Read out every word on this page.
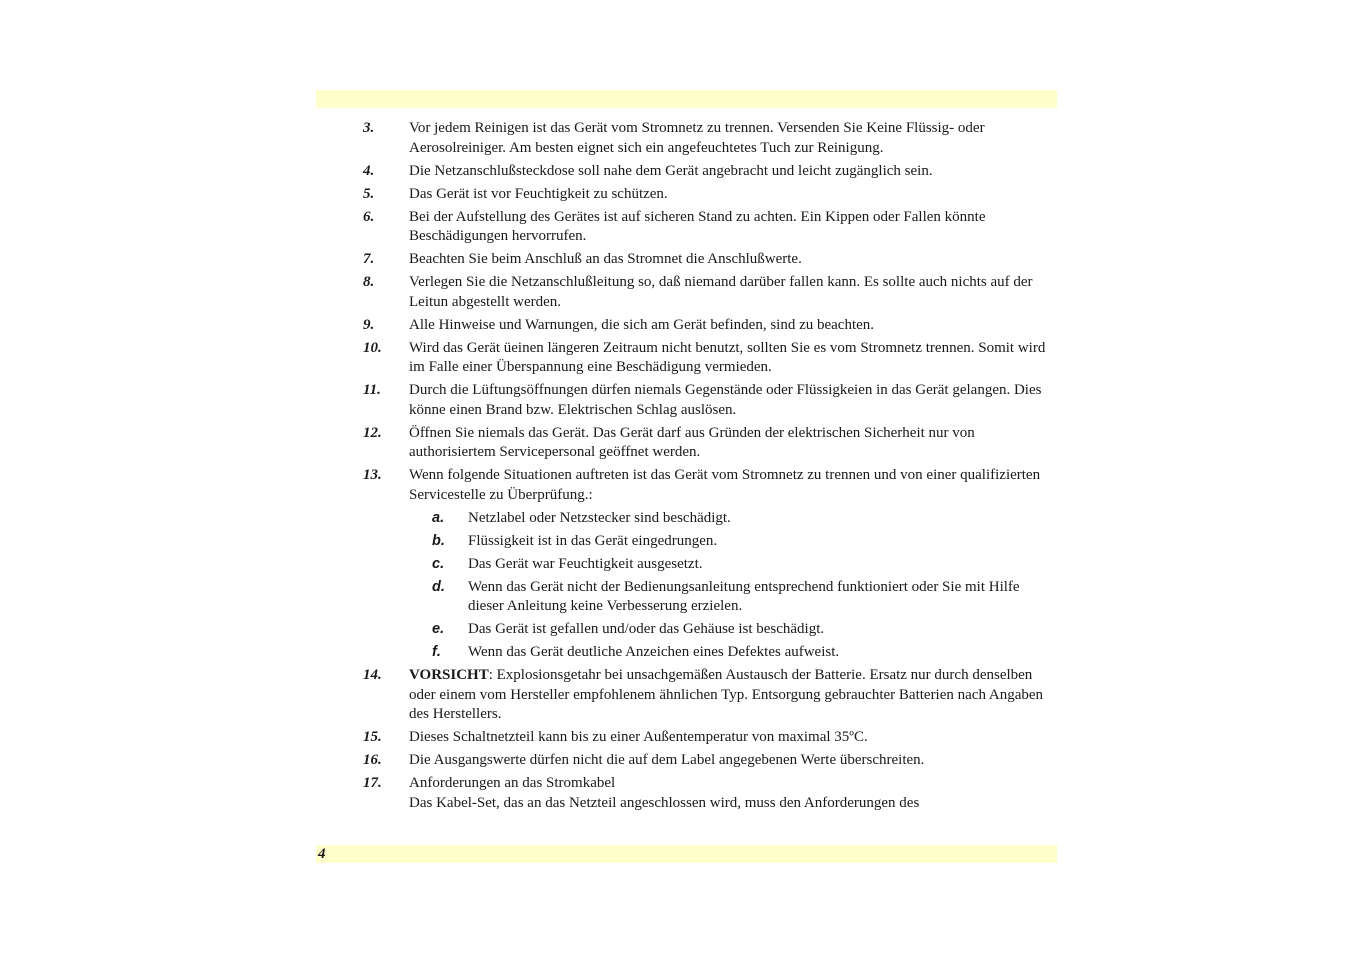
3.	Vor jedem Reinigen ist das Gerät vom Stromnetz zu trennen. Versenden Sie Keine Flüssig- oder Aerosolreiniger. Am besten eignet sich ein angefeuchtetes Tuch zur Reinigung.
4.	Die Netzanschlußsteckdose soll nahe dem Gerät angebracht und leicht zugänglich sein.
5.	Das Gerät ist vor Feuchtigkeit zu schützen.
6.	Bei der Aufstellung des Gerätes ist auf sicheren Stand zu achten. Ein Kippen oder Fallen könnte Beschädigungen hervorrufen.
7.	Beachten Sie beim Anschluß an das Stromnet die Anschlußwerte.
8.	Verlegen Sie die Netzanschlußleitung so, daß niemand darüber fallen kann. Es sollte auch nichts auf der Leitun abgestellt werden.
9.	Alle Hinweise und Warnungen, die sich am Gerät befinden, sind zu beachten.
10.	Wird das Gerät üeinen längeren Zeitraum nicht benutzt, sollten Sie es vom Stromnetz trennen. Somit wird im Falle einer Überspannung eine Beschädigung vermieden.
11.	Durch die Lüftungsöffnungen dürfen niemals Gegenstände oder Flüssigkeien in das Gerät gelangen. Dies könne einen Brand bzw. Elektrischen Schlag auslösen.
12.	Öffnen Sie niemals das Gerät. Das Gerät darf aus Gründen der elektrischen Sicherheit nur von authorisiertem Servicepersonal geöffnet werden.
13.	Wenn folgende Situationen auftreten ist das Gerät vom Stromnetz zu trennen und von einer qualifizierten Servicestelle zu Überprüfung.:
a.	Netzlabel oder Netzstecker sind beschädigt.
b.	Flüssigkeit ist in das Gerät eingedrungen.
c.	Das Gerät war Feuchtigkeit ausgesetzt.
d.	Wenn das Gerät nicht der Bedienungsanleitung entsprechend funktioniert oder Sie mit Hilfe dieser Anleitung keine Verbesserung erzielen.
e.	Das Gerät ist gefallen und/oder das Gehäuse ist beschädigt.
f.	Wenn das Gerät deutliche Anzeichen eines Defektes aufweist.
14.	VORSICHT: Explosionsgetahr bei unsachgemäßen Austausch der Batterie. Ersatz nur durch denselben oder einem vom Hersteller empfohlenem ähnlichen Typ. Entsorgung gebrauchter Batterien nach Angaben des Herstellers.
15.	Dieses Schaltnetzteil kann bis zu einer Außentemperatur von maximal 35ºC.
16.	Die Ausgangswerte dürfen nicht die auf dem Label angegebenen Werte überschreiten.
17.	Anforderungen an das Stromkabel
Das Kabel-Set, das an das Netzteil angeschlossen wird, muss den Anforderungen des
4
